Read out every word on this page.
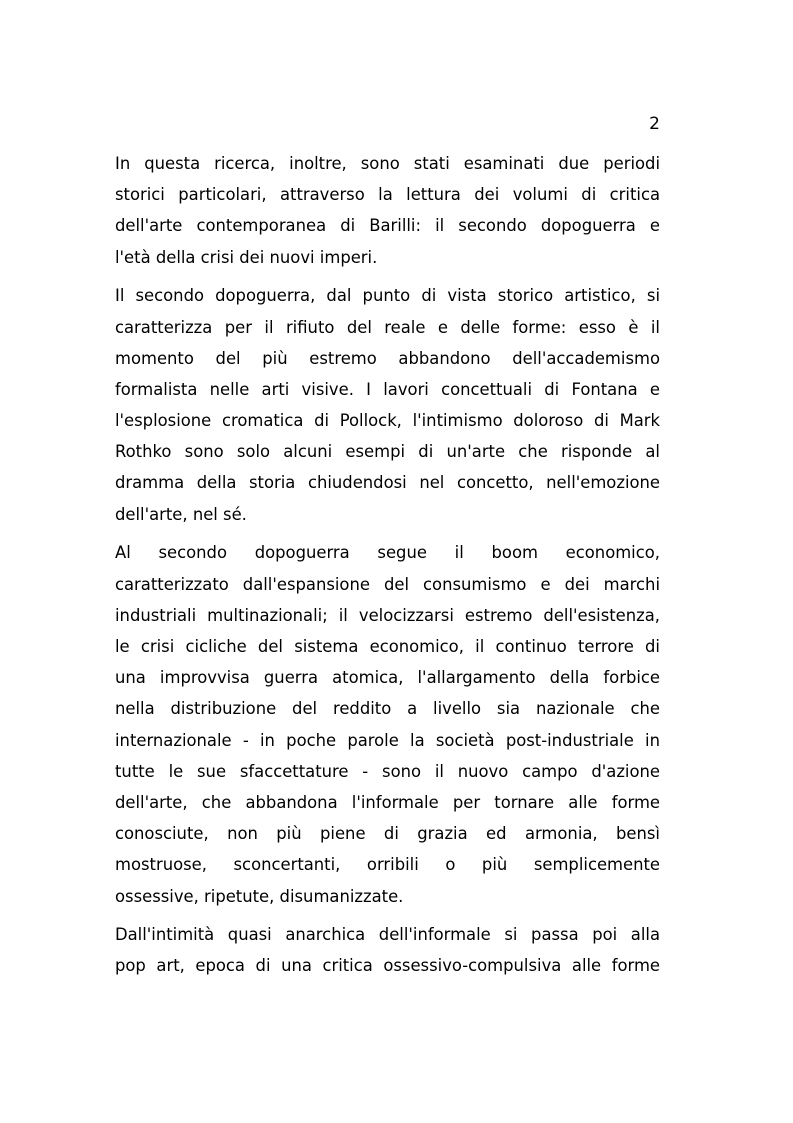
2
In questa ricerca, inoltre, sono stati esaminati due periodi
storici particolari, attraverso la lettura dei volumi di critica
dell'arte contemporanea di Barilli: il secondo dopoguerra e
l'età della crisi dei nuovi imperi.
Il secondo dopoguerra, dal punto di vista storico artistico, si
caratterizza per il rifiuto del reale e delle forme: esso è il
momento del più estremo abbandono dell'accademismo
formalista nelle arti visive. I lavori concettuali di Fontana e
l'esplosione cromatica di Pollock, l'intimismo doloroso di Mark
Rothko sono solo alcuni esempi di un'arte che risponde al
dramma della storia chiudendosi nel concetto, nell'emozione
dell'arte, nel sé.
Al secondo dopoguerra segue il boom economico,
caratterizzato dall'espansione del consumismo e dei marchi
industriali multinazionali; il velocizzarsi estremo dell'esistenza,
le crisi cicliche del sistema economico, il continuo terrore di
una improvvisa guerra atomica, l'allargamento della forbice
nella distribuzione del reddito a livello sia nazionale che
internazionale - in poche parole la società post-industriale in
tutte le sue sfaccettature - sono il nuovo campo d'azione
dell'arte, che abbandona l'informale per tornare alle forme
conosciute, non più piene di grazia ed armonia, bensì
mostruose, sconcertanti, orribili o più semplicemente
ossessive, ripetute, disumanizzate.
Dall'intimità quasi anarchica dell'informale si passa poi alla
pop art, epoca di una critica ossessivo-compulsiva alle forme
